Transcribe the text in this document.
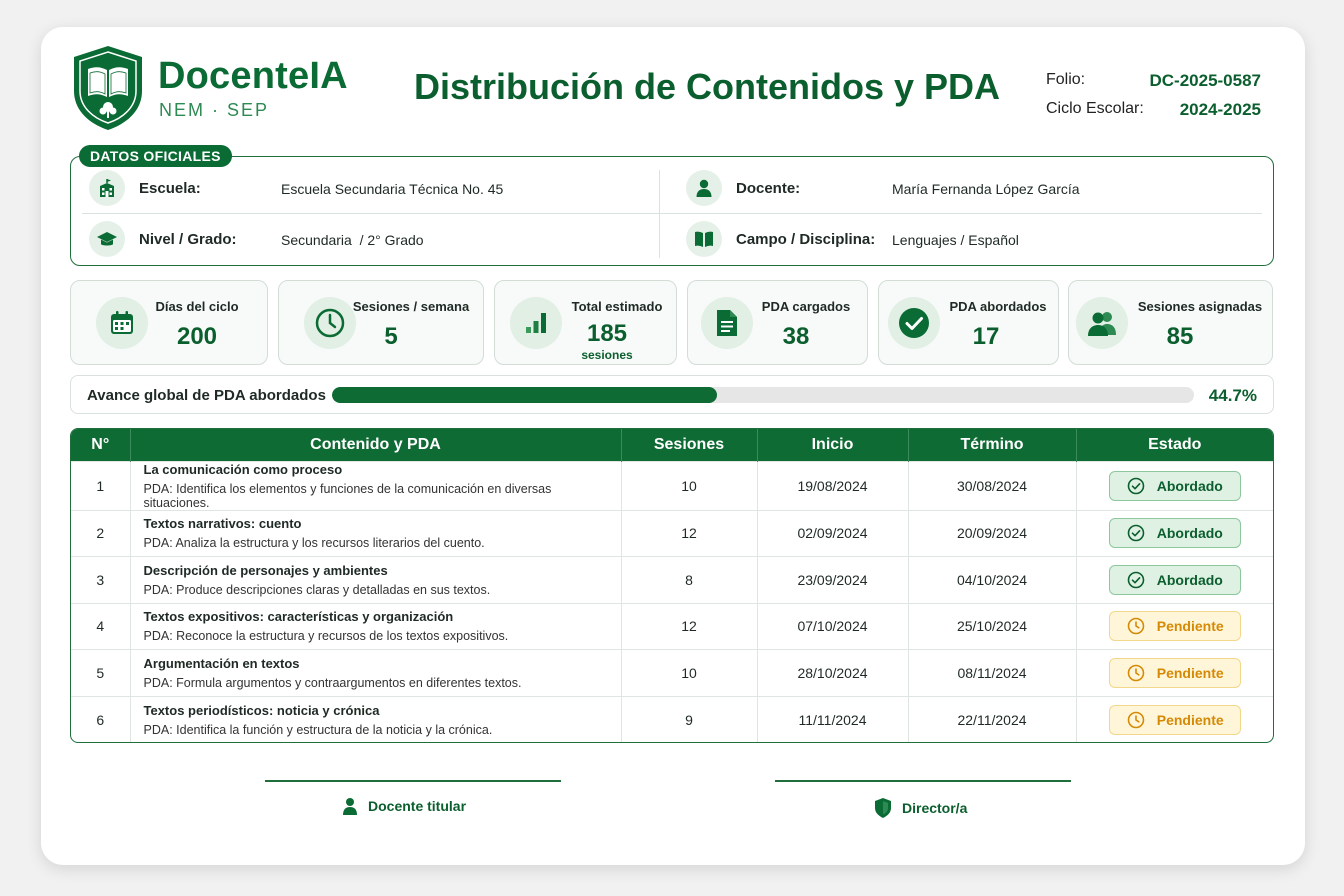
DocenteIA
NEM · SEP
Distribución de Contenidos y PDA	Folio:	DC-2025-0587
Ciclo Escolar: 2024-2025
DATOS OFICIALES
Escuela:	Escuela Secundaria Técnica No. 45	Docente:	María Fernanda López García
Nivel / Grado:	Secundaria  / 2° Grado	Campo / Disciplina: Lenguajes / Español
Días del ciclo
200
Sesiones / semana
5
Total estimado
185
sesiones
PDA cargados
38
PDA abordados
17
Sesiones asignadas
85
Avance global de PDA abordados	44.7%
N°	Contenido y PDA	Sesiones	Inicio	Término	Estado
1	La comunicación como proceso
PDA: Identifica los elementos y funciones de la comunicación en diversas situaciones.	10	19/08/2024	30/08/2024	Abordado

2	Textos narrativos: cuento
PDA: Analiza la estructura y los recursos literarios del cuento.	12	02/09/2024	20/09/2024	Abordado

3	Descripción de personajes y ambientes
PDA: Produce descripciones claras y detalladas en sus textos.	8	23/09/2024	04/10/2024	Abordado

4	Textos expositivos: características y organización
PDA: Reconoce la estructura y recursos de los textos expositivos.	12	07/10/2024	25/10/2024	Pendiente

5	Argumentación en textos
PDA: Formula argumentos y contraargumentos en diferentes textos.	10	28/10/2024	08/11/2024	Pendiente

6	Textos periodísticos: noticia y crónica
PDA: Identifica la función y estructura de la noticia y la crónica.	9	11/11/2024	22/11/2024	Pendiente
Docente titular	Director/a
